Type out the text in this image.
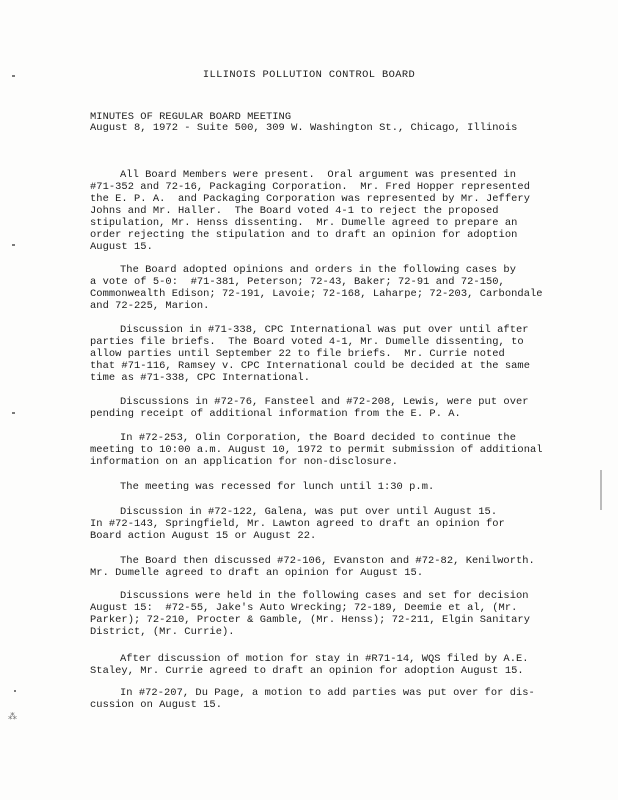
ILLINOIS POLLUTION CONTROL BOARD
MINUTES OF REGULAR BOARD MEETING
August 8, 1972 - Suite 500, 309 W. Washington St., Chicago, Illinois
All Board Members were present.  Oral argument was presented in
#71-352 and 72-16, Packaging Corporation.  Mr. Fred Hopper represented
the E. P. A.  and Packaging Corporation was represented by Mr. Jeffery
Johns and Mr. Haller.  The Board voted 4-1 to reject the proposed
stipulation, Mr. Henss dissenting.  Mr. Dumelle agreed to prepare an
order rejecting the stipulation and to draft an opinion for adoption
August 15.
The Board adopted opinions and orders in the following cases by
a vote of 5-0:  #71-381, Peterson; 72-43, Baker; 72-91 and 72-150,
Commonwealth Edison; 72-191, Lavoie; 72-168, Laharpe; 72-203, Carbondale
and 72-225, Marion.
Discussion in #71-338, CPC International was put over until after
parties file briefs.  The Board voted 4-1, Mr. Dumelle dissenting, to
allow parties until September 22 to file briefs.  Mr. Currie noted
that #71-116, Ramsey v. CPC International could be decided at the same
time as #71-338, CPC International.
Discussions in #72-76, Fansteel and #72-208, Lewis, were put over
pending receipt of additional information from the E. P. A.
In #72-253, Olin Corporation, the Board decided to continue the
meeting to 10:00 a.m. August 10, 1972 to permit submission of additional
information on an application for non-disclosure.
The meeting was recessed for lunch until 1:30 p.m.
Discussion in #72-122, Galena, was put over until August 15.
In #72-143, Springfield, Mr. Lawton agreed to draft an opinion for
Board action August 15 or August 22.
The Board then discussed #72-106, Evanston and #72-82, Kenilworth.
Mr. Dumelle agreed to draft an opinion for August 15.
Discussions were held in the following cases and set for decision
August 15:  #72-55, Jake's Auto Wrecking; 72-189, Deemie et al, (Mr.
Parker); 72-210, Procter & Gamble, (Mr. Henss); 72-211, Elgin Sanitary
District, (Mr. Currie).
After discussion of motion for stay in #R71-14, WQS filed by A.E.
Staley, Mr. Currie agreed to draft an opinion for adoption August 15.
In #72-207, Du Page, a motion to add parties was put over for dis-
cussion on August 15.
⁂
